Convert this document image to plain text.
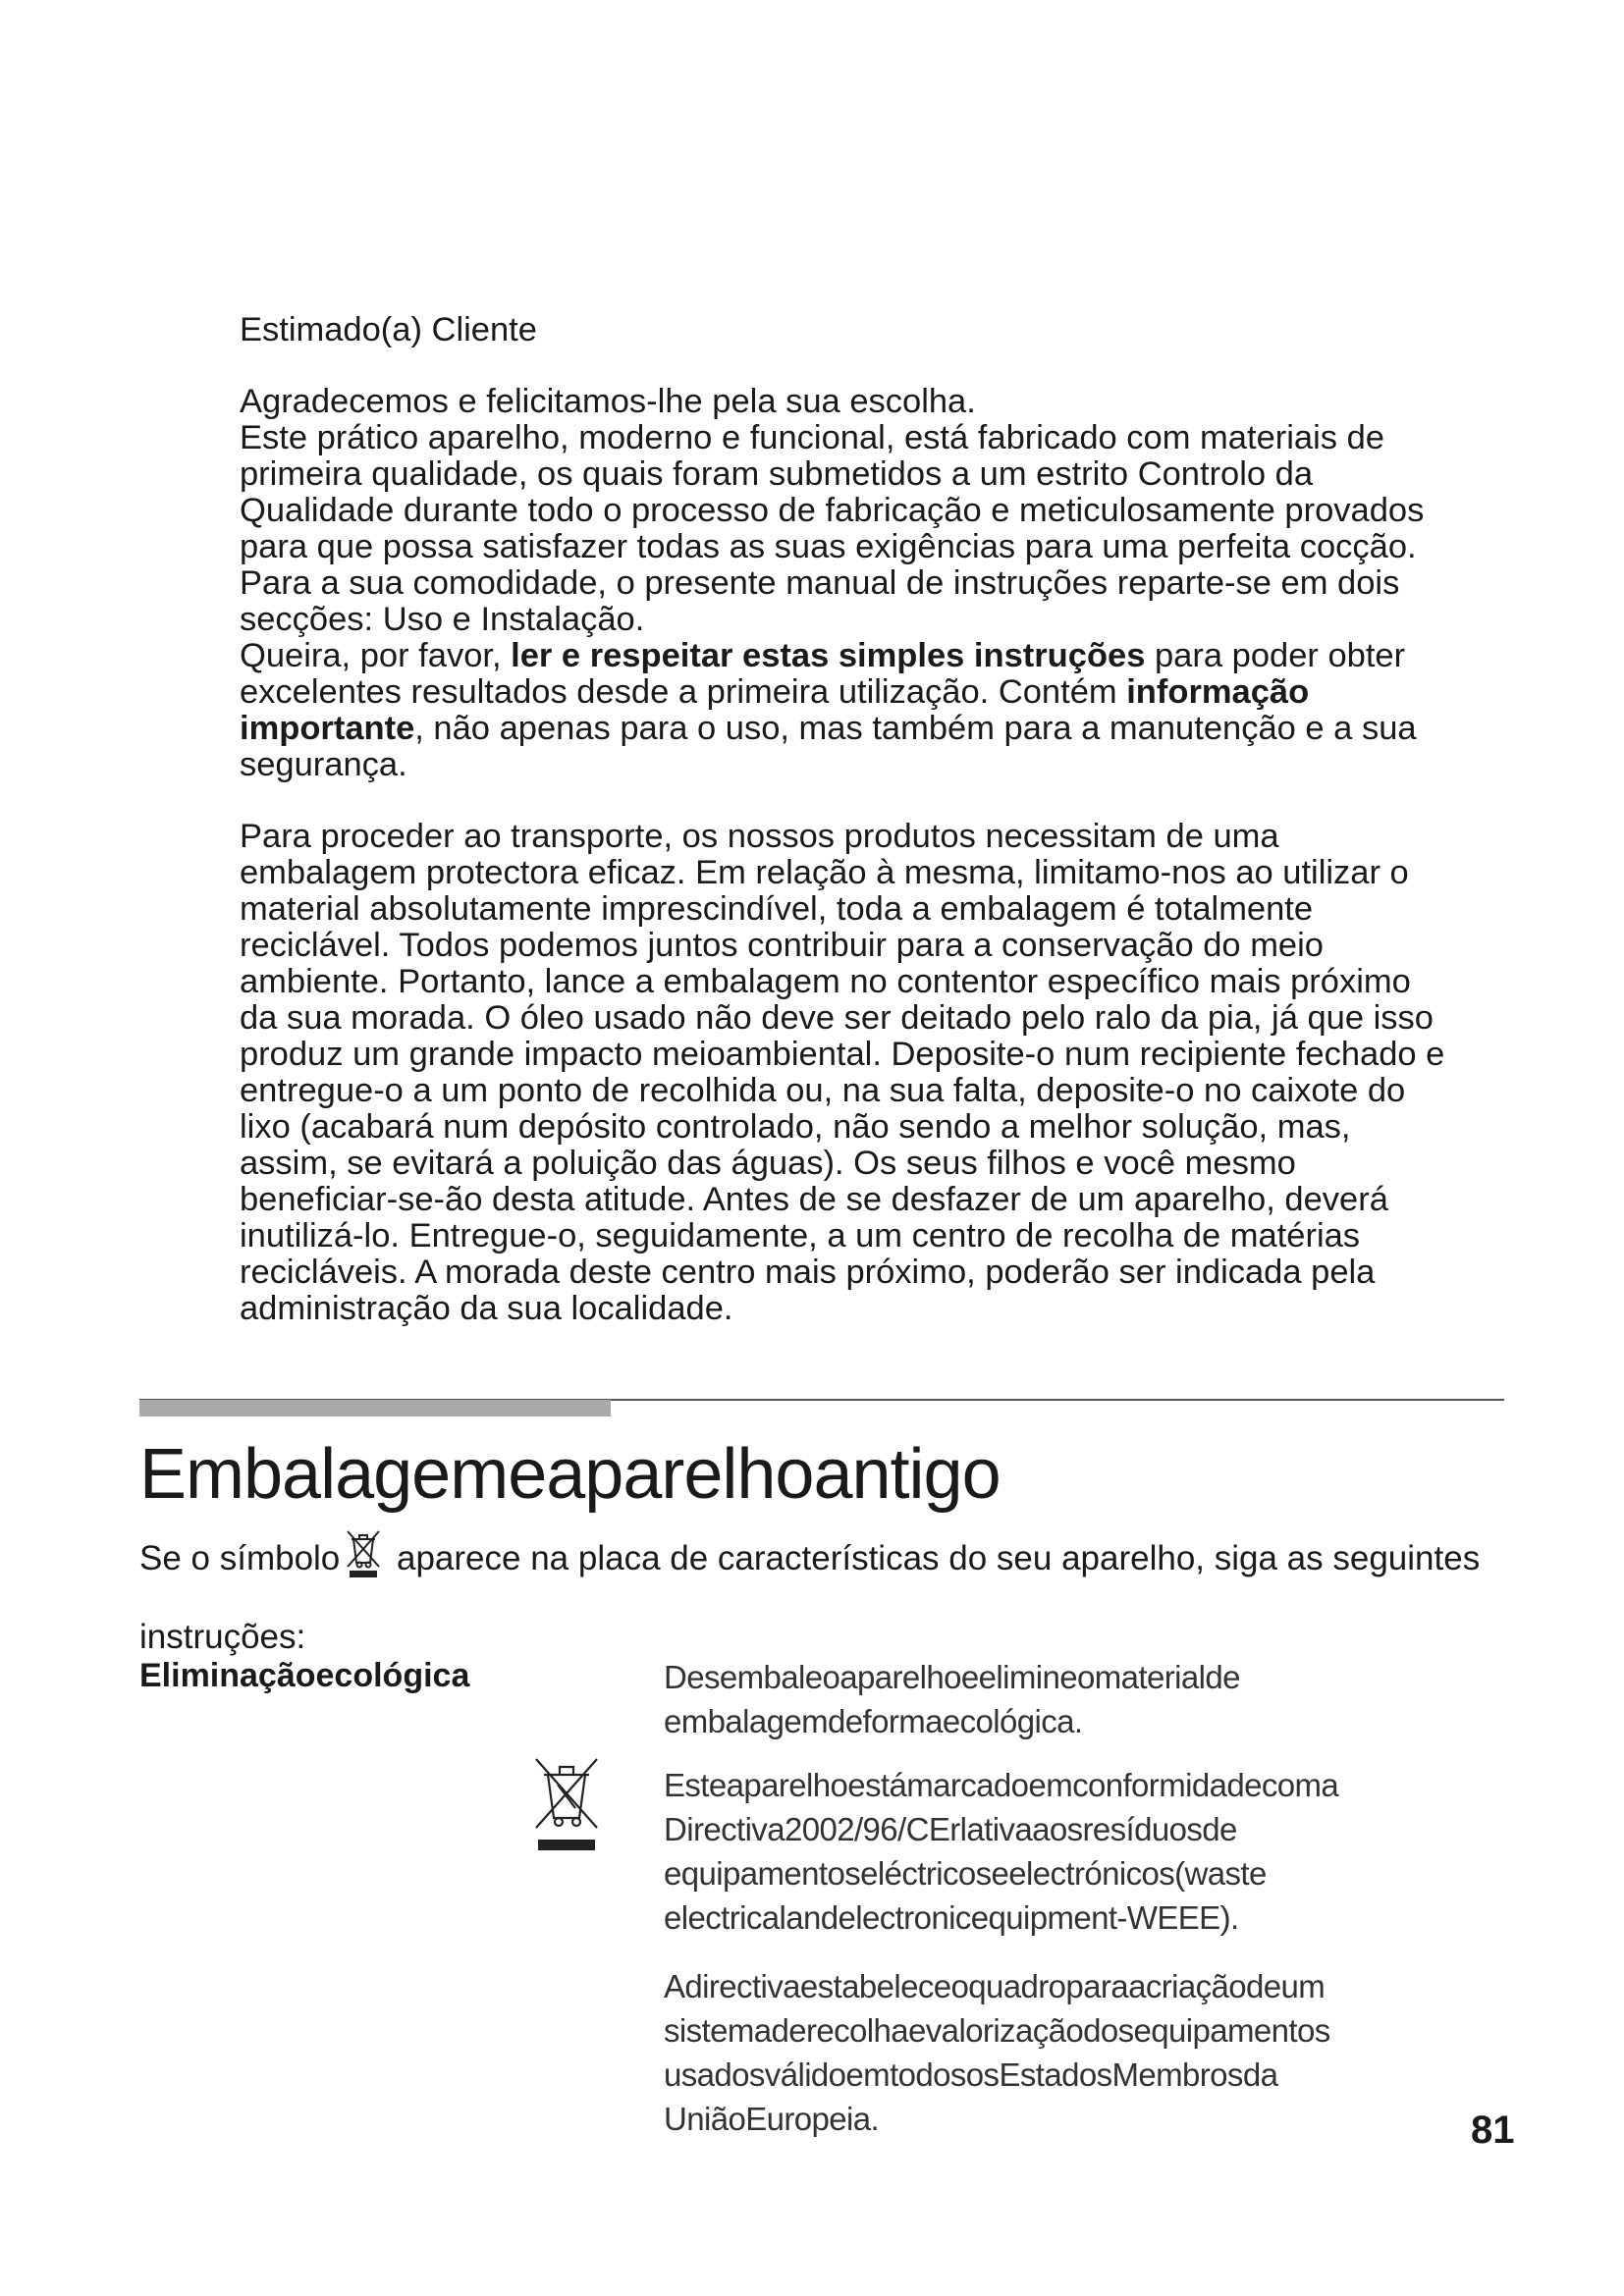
Estimado(a) Cliente

Agradecemos e felicitamos-lhe pela sua escolha.

Este prático aparelho, moderno e funcional, está fabricado com materiais de primeira qualidade, os quais foram submetidos a um estrito Controlo da Qualidade durante todo o processo de fabricação e meticulosamente provados para que possa satisfazer todas as suas exigências para uma perfeita cocção. Para a sua comodidade, o presente manual de instruções reparte-se em dois secções: Uso e Instalação.

Queira, por favor, ler e respeitar estas simples instruções para poder obter excelentes resultados desde a primeira utilização. Contém informação importante, não apenas para o uso, mas também para a manutenção e a sua segurança.

Para proceder ao transporte, os nossos produtos necessitam de uma embalagem protectora eficaz. Em relação à mesma, limitamo-nos ao utilizar o material absolutamente imprescindível, toda a embalagem é totalmente reciclável. Todos podemos juntos contribuir para a conservação do meio ambiente. Portanto, lance a embalagem no contentor específico mais próximo da sua morada. O óleo usado não deve ser deitado pelo ralo da pia, já que isso produz um grande impacto meioambiental. Deposite-o num recipiente fechado e entregue-o a um ponto de recolhida ou, na sua falta, deposite-o no caixote do lixo (acabará num depósito controlado, não sendo a melhor solução, mas, assim, se evitará a poluição das águas). Os seus filhos e você mesmo beneficiar-se-ão desta atitude. Antes de se desfazer de um aparelho, deverá inutilizá-lo. Entregue-o, seguidamente, a um centro de recolha de matérias recicláveis. A morada deste centro mais próximo, poderão ser indicada pela administração da sua localidade.

Embalagemeaparelhoantigo
Se o símbolo aparece na placa de características do seu aparelho, siga as seguintes instruções:
Eliminaçãoecológica	Desembaleoaparelhoeelimineomaterialde embalagemdeformaecológica.

Esteaparelhoestámarcadoemconformidadecoma Directiva2002/96/CErlativaaosresíduosde equipamentoseléctricoseelectrónicos(waste electricalandelectronicequipment-WEEE).

Adirectivaestabeleceoquadroparaacriaçãodeum sistemaderecolhaevalorizaçãodosequipamentos usadosválidoemtodososEstadosMembrosda UniãoEuropeia.	81
